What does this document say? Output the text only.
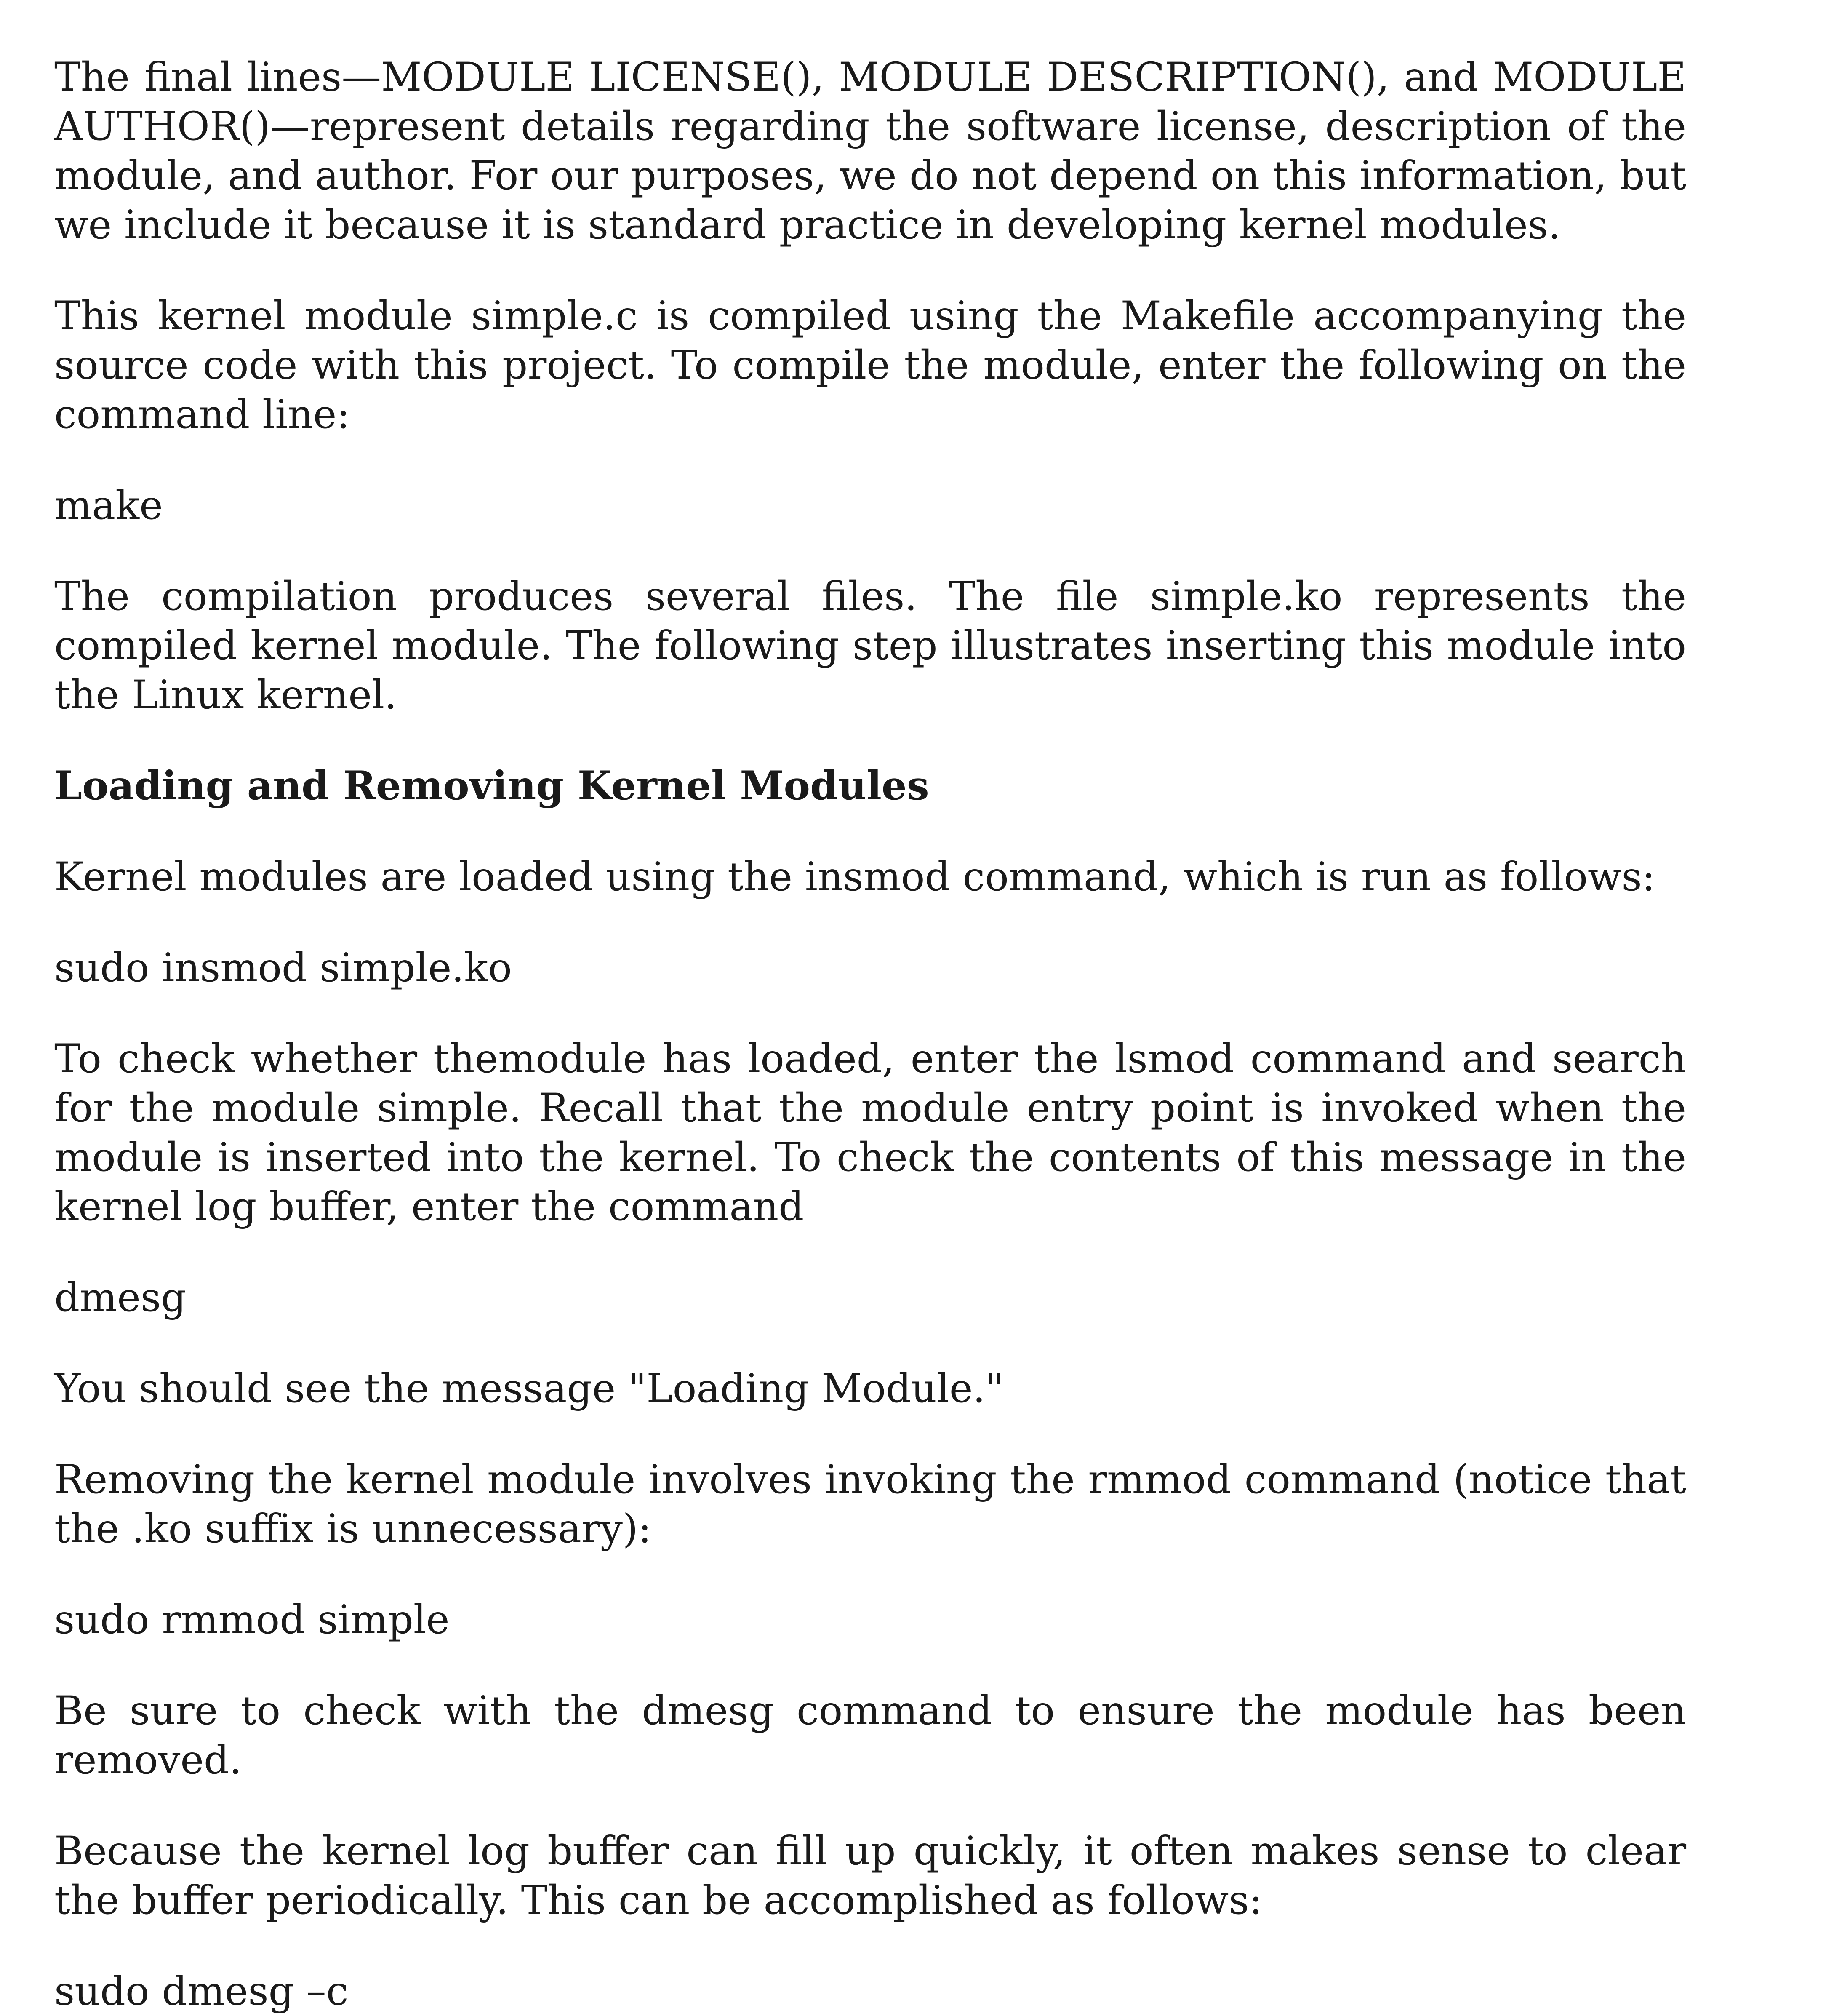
The final lines—MODULE LICENSE(), MODULE DESCRIPTION(), and MODULE AUTHOR()—represent details regarding the software license, description of the module, and author. For our purposes, we do not depend on this information, but we include it because it is standard practice in developing kernel modules.

This kernel module simple.c is compiled using the Makefile accompanying the source code with this project. To compile the module, enter the following on the command line:

make

The compilation produces several files. The file simple.ko represents the compiled kernel module. The following step illustrates inserting this module into the Linux kernel.

Loading and Removing Kernel Modules

Kernel modules are loaded using the insmod command, which is run as follows:

sudo insmod simple.ko

To check whether themodule has loaded, enter the lsmod command and search for the module simple. Recall that the module entry point is invoked when the module is inserted into the kernel. To check the contents of this message in the kernel log buffer, enter the command

dmesg

You should see the message "Loading Module."

Removing the kernel module involves invoking the rmmod command (notice that the .ko suffix is unnecessary):

sudo rmmod simple

Be sure to check with the dmesg command to ensure the module has been removed.

Because the kernel log buffer can fill up quickly, it often makes sense to clear the buffer periodically. This can be accomplished as follows:

sudo dmesg –c
